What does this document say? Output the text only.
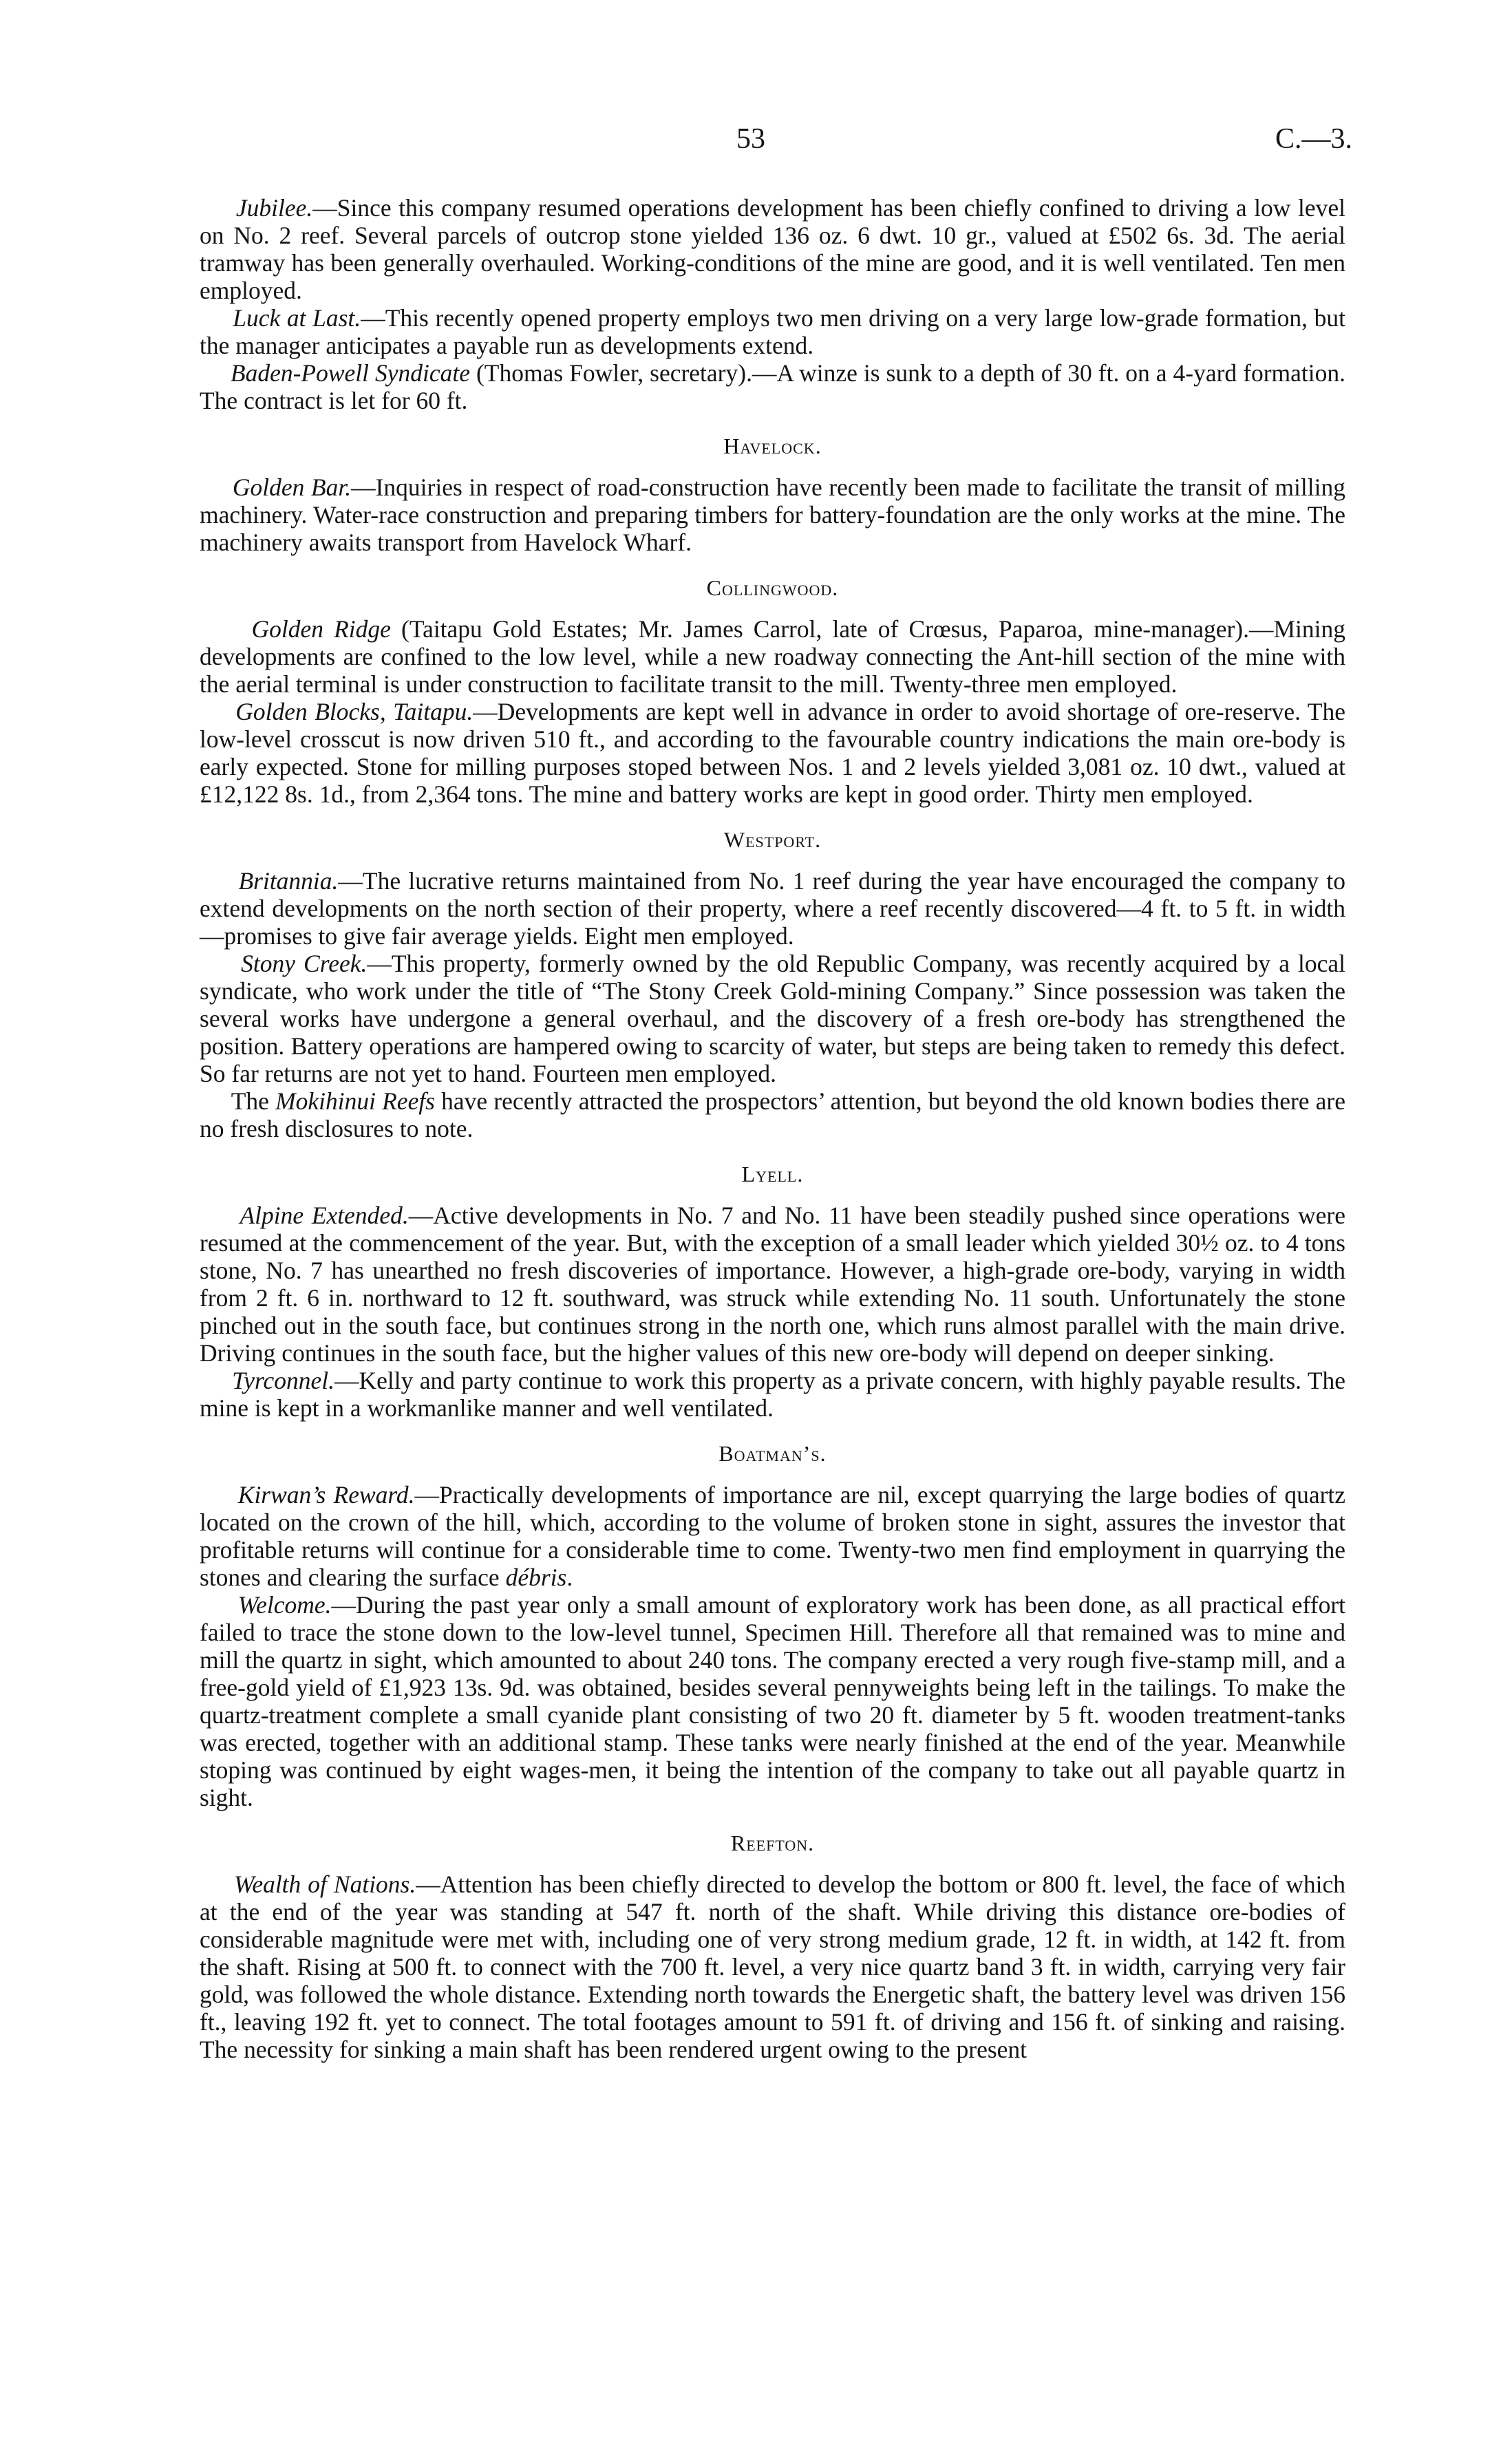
53	C.—3.

Jubilee.—Since this company resumed operations development has been chiefly confined to driving a low level on No. 2 reef. Several parcels of outcrop stone yielded 136 oz. 6 dwt. 10 gr., valued at £502 6s. 3d. The aerial tramway has been generally overhauled. Working-conditions of the mine are good, and it is well ventilated. Ten men employed.

Luck at Last.—This recently opened property employs two men driving on a very large low-grade formation, but the manager anticipates a payable run as developments extend.

Baden-Powell Syndicate (Thomas Fowler, secretary).—A winze is sunk to a depth of 30 ft. on a 4-yard formation. The contract is let for 60 ft.

Havelock.

Golden Bar.—Inquiries in respect of road-construction have recently been made to facilitate the transit of milling machinery. Water-race construction and preparing timbers for battery-foundation are the only works at the mine. The machinery awaits transport from Havelock Wharf.

Collingwood.

Golden Ridge (Taitapu Gold Estates; Mr. James Carrol, late of Crœsus, Paparoa, mine-manager).—Mining developments are confined to the low level, while a new roadway connecting the Ant-hill section of the mine with the aerial terminal is under construction to facilitate transit to the mill. Twenty-three men employed.

Golden Blocks, Taitapu.—Developments are kept well in advance in order to avoid shortage of ore-reserve. The low-level crosscut is now driven 510 ft., and according to the favourable country indications the main ore-body is early expected. Stone for milling purposes stoped between Nos. 1 and 2 levels yielded 3,081 oz. 10 dwt., valued at £12,122 8s. 1d., from 2,364 tons. The mine and battery works are kept in good order. Thirty men employed.

Westport.

Britannia.—The lucrative returns maintained from No. 1 reef during the year have encouraged the company to extend developments on the north section of their property, where a reef recently discovered—4 ft. to 5 ft. in width—promises to give fair average yields. Eight men employed.

Stony Creek.—This property, formerly owned by the old Republic Company, was recently acquired by a local syndicate, who work under the title of “The Stony Creek Gold-mining Company.” Since possession was taken the several works have undergone a general overhaul, and the discovery of a fresh ore-body has strengthened the position. Battery operations are hampered owing to scarcity of water, but steps are being taken to remedy this defect. So far returns are not yet to hand. Fourteen men employed.

The Mokihinui Reefs have recently attracted the prospectors’ attention, but beyond the old known bodies there are no fresh disclosures to note.

Lyell.

Alpine Extended.—Active developments in No. 7 and No. 11 have been steadily pushed since operations were resumed at the commencement of the year. But, with the exception of a small leader which yielded 30½ oz. to 4 tons stone, No. 7 has unearthed no fresh discoveries of importance. However, a high-grade ore-body, varying in width from 2 ft. 6 in. northward to 12 ft. southward, was struck while extending No. 11 south. Unfortunately the stone pinched out in the south face, but continues strong in the north one, which runs almost parallel with the main drive. Driving continues in the south face, but the higher values of this new ore-body will depend on deeper sinking.

Tyrconnel.—Kelly and party continue to work this property as a private concern, with highly payable results. The mine is kept in a workmanlike manner and well ventilated.

Boatman’s.

Kirwan’s Reward.—Practically developments of importance are nil, except quarrying the large bodies of quartz located on the crown of the hill, which, according to the volume of broken stone in sight, assures the investor that profitable returns will continue for a considerable time to come. Twenty-two men find employment in quarrying the stones and clearing the surface débris.

Welcome.—During the past year only a small amount of exploratory work has been done, as all practical effort failed to trace the stone down to the low-level tunnel, Specimen Hill. Therefore all that remained was to mine and mill the quartz in sight, which amounted to about 240 tons. The company erected a very rough five-stamp mill, and a free-gold yield of £1,923 13s. 9d. was obtained, besides several pennyweights being left in the tailings. To make the quartz-treatment complete a small cyanide plant consisting of two 20 ft. diameter by 5 ft. wooden treatment-tanks was erected, together with an additional stamp. These tanks were nearly finished at the end of the year. Meanwhile stoping was continued by eight wages-men, it being the intention of the company to take out all payable quartz in sight.

Reefton.

Wealth of Nations.—Attention has been chiefly directed to develop the bottom or 800 ft. level, the face of which at the end of the year was standing at 547 ft. north of the shaft. While driving this distance ore-bodies of considerable magnitude were met with, including one of very strong medium grade, 12 ft. in width, at 142 ft. from the shaft. Rising at 500 ft. to connect with the 700 ft. level, a very nice quartz band 3 ft. in width, carrying very fair gold, was followed the whole distance. Extending north towards the Energetic shaft, the battery level was driven 156 ft., leaving 192 ft. yet to connect. The total footages amount to 591 ft. of driving and 156 ft. of sinking and raising. The necessity for sinking a main shaft has been rendered urgent owing to the present
